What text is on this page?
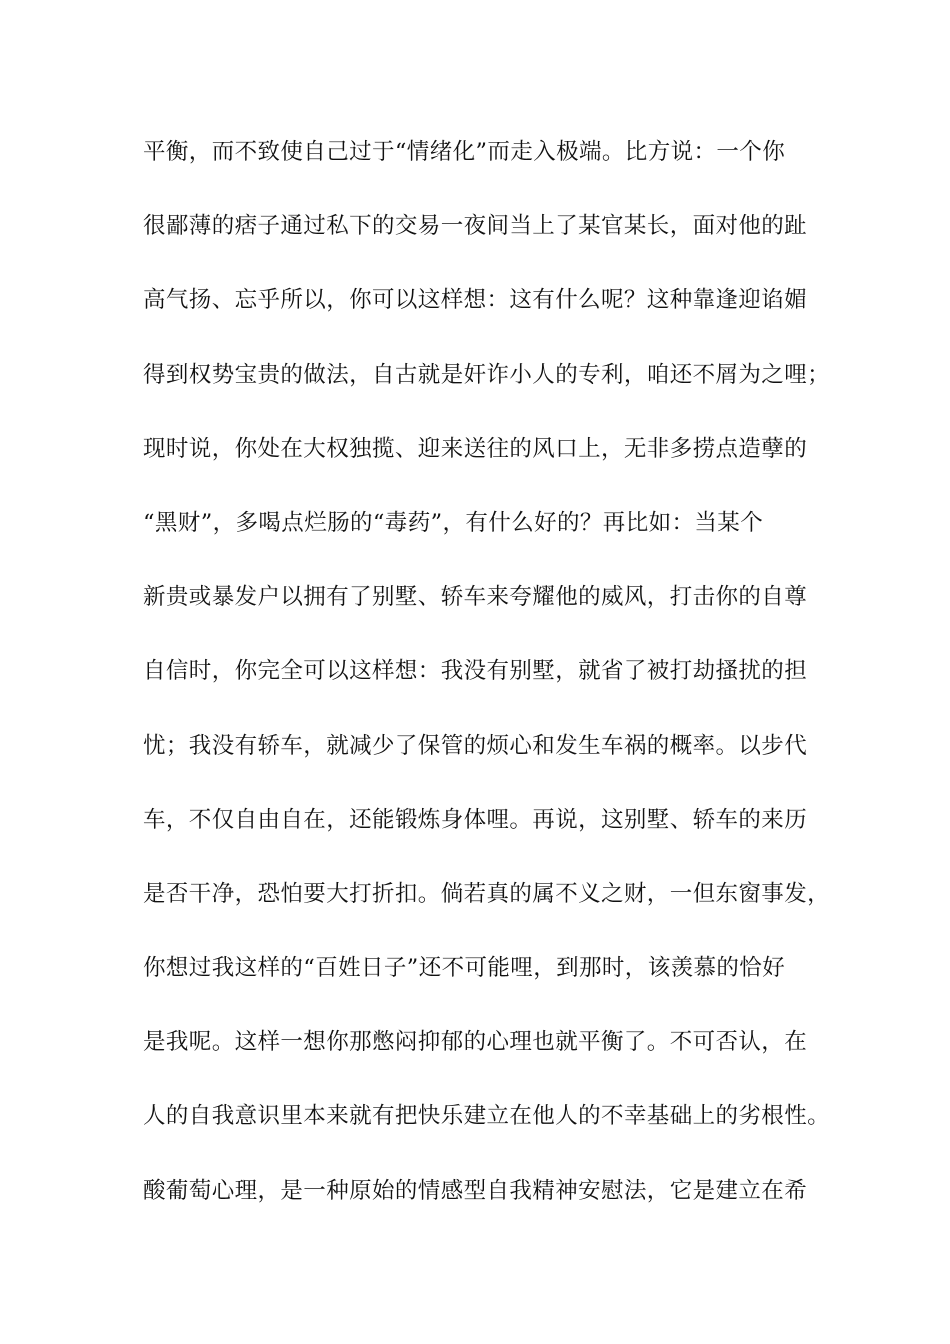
平衡，而不致使自己过于“情绪化”而走入极端。比方说：一个你
很鄙薄的痞子通过私下的交易一夜间当上了某官某长，面对他的趾
高气扬、忘乎所以，你可以这样想：这有什么呢？这种靠逢迎谄媚
得到权势宝贵的做法，自古就是奸诈小人的专利，咱还不屑为之哩；
现时说，你处在大权独揽、迎来送往的风口上，无非多捞点造孽的
“黑财”，多喝点烂肠的“毒药”，有什么好的？再比如：当某个
新贵或暴发户以拥有了别墅、轿车来夸耀他的威风，打击你的自尊
自信时，你完全可以这样想：我没有别墅，就省了被打劫搔扰的担
忧；我没有轿车，就减少了保管的烦心和发生车祸的概率。以步代
车，不仅自由自在，还能锻炼身体哩。再说，这别墅、轿车的来历
是否干净，恐怕要大打折扣。倘若真的属不义之财，一但东窗事发，
你想过我这样的“百姓日子”还不可能哩，到那时，该羡慕的恰好
是我呢。这样一想你那憋闷抑郁的心理也就平衡了。不可否认，在
人的自我意识里本来就有把快乐建立在他人的不幸基础上的劣根性。
酸葡萄心理，是一种原始的情感型自我精神安慰法，它是建立在希
